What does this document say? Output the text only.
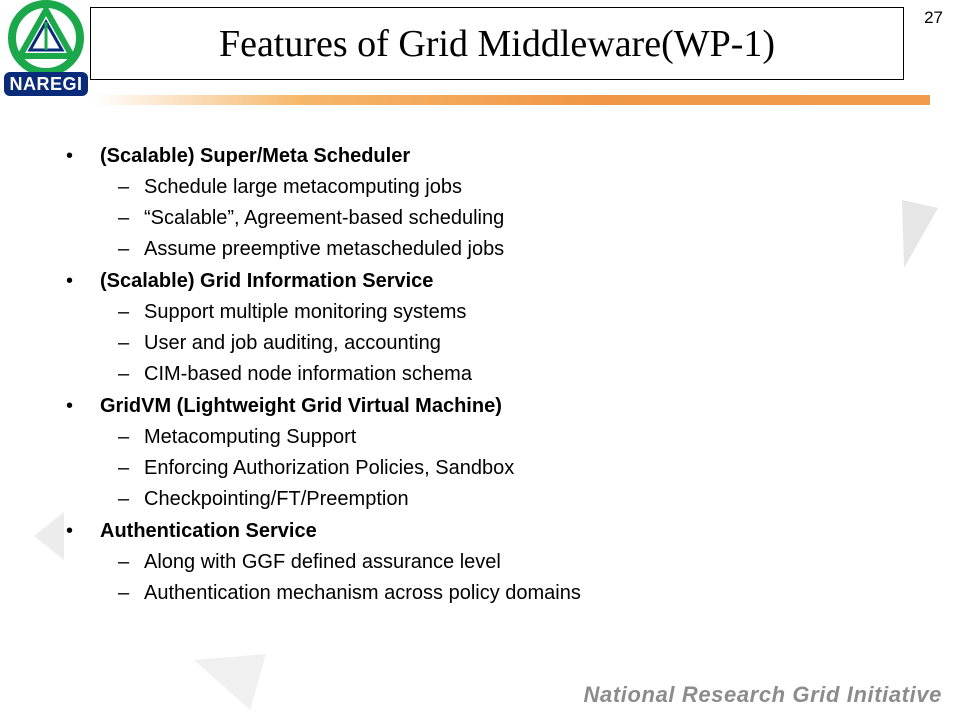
NAREGI
Features of Grid Middleware(WP-1)
27
•	(Scalable) Super/Meta Scheduler
– Schedule large metacomputing jobs
– “Scalable”, Agreement-based scheduling
– Assume preemptive metascheduled jobs
•	(Scalable) Grid Information Service
– Support multiple monitoring systems
– User and job auditing, accounting
– CIM-based node information schema
•	GridVM (Lightweight Grid Virtual Machine)
– Metacomputing Support
– Enforcing Authorization Policies, Sandbox
– Checkpointing/FT/Preemption
•	Authentication Service
– Along with GGF defined assurance level
– Authentication mechanism across policy domains
National Research Grid Initiative
